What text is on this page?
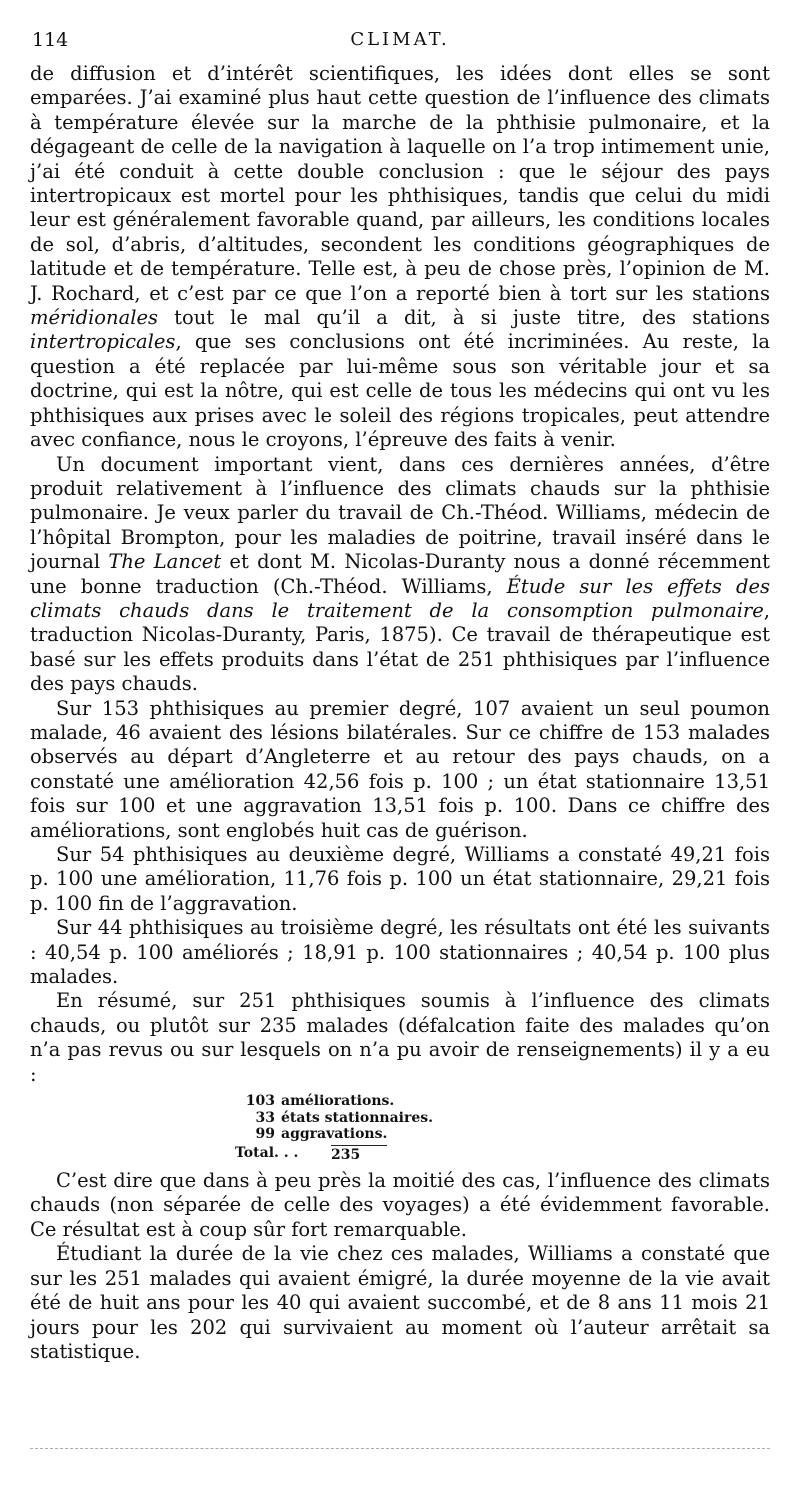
114	CLIMAT.

de diffusion et d’intérêt scientifiques, les idées dont elles se sont emparées. J’ai examiné plus haut cette question de l’influence des climats à température élevée sur la marche de la phthisie pulmonaire, et la dégageant de celle de la navigation à laquelle on l’a trop intimement unie, j’ai été conduit à cette double conclusion : que le séjour des pays intertropicaux est mortel pour les phthisiques, tandis que celui du midi leur est généralement favorable quand, par ailleurs, les conditions locales de sol, d’abris, d’altitudes, secondent les conditions géographiques de latitude et de température. Telle est, à peu de chose près, l’opinion de M. J. Rochard, et c’est par ce que l’on a reporté bien à tort sur les stations méridionales tout le mal qu’il a dit, à si juste titre, des stations intertropicales, que ses conclusions ont été incriminées. Au reste, la question a été replacée par lui-même sous son véritable jour et sa doctrine, qui est la nôtre, qui est celle de tous les médecins qui ont vu les phthisiques aux prises avec le soleil des régions tropicales, peut attendre avec confiance, nous le croyons, l’épreuve des faits à venir.

Un document important vient, dans ces dernières années, d’être produit relativement à l’influence des climats chauds sur la phthisie pulmonaire. Je veux parler du travail de Ch.-Théod. Williams, médecin de l’hôpital Brompton, pour les maladies de poitrine, travail inséré dans le journal The Lancet et dont M. Nicolas-Duranty nous a donné récemment une bonne traduction (Ch.-Théod. Williams, Étude sur les effets des climats chauds dans le traitement de la consomption pulmonaire, traduction Nicolas-Duranty, Paris, 1875). Ce travail de thérapeutique est basé sur les effets produits dans l’état de 251 phthisiques par l’influence des pays chauds.

Sur 153 phthisiques au premier degré, 107 avaient un seul poumon malade, 46 avaient des lésions bilatérales. Sur ce chiffre de 153 malades observés au départ d’Angleterre et au retour des pays chauds, on a constaté une amélioration 42,56 fois p. 100 ; un état stationnaire 13,51 fois sur 100 et une aggravation 13,51 fois p. 100. Dans ce chiffre des améliorations, sont englobés huit cas de guérison.

Sur 54 phthisiques au deuxième degré, Williams a constaté 49,21 fois p. 100 une amélioration, 11,76 fois p. 100 un état stationnaire, 29,21 fois p. 100 fin de l’aggravation.

Sur 44 phthisiques au troisième degré, les résultats ont été les suivants : 40,54 p. 100 améliorés ; 18,91 p. 100 stationnaires ; 40,54 p. 100 plus malades.

En résumé, sur 251 phthisiques soumis à l’influence des climats chauds, ou plutôt sur 235 malades (défalcation faite des malades qu’on n’a pas revus ou sur lesquels on n’a pu avoir de renseignements) il y a eu :

103 améliorations.
33 états stationnaires.
99 aggravations.
Total. . .	235

C’est dire que dans à peu près la moitié des cas, l’influence des climats chauds (non séparée de celle des voyages) a été évidemment favorable. Ce résultat est à coup sûr fort remarquable.

Étudiant la durée de la vie chez ces malades, Williams a constaté que sur les 251 malades qui avaient émigré, la durée moyenne de la vie avait été de huit ans pour les 40 qui avaient succombé, et de 8 ans 11 mois 21 jours pour les 202 qui survivaient au moment où l’auteur arrêtait sa statistique.
